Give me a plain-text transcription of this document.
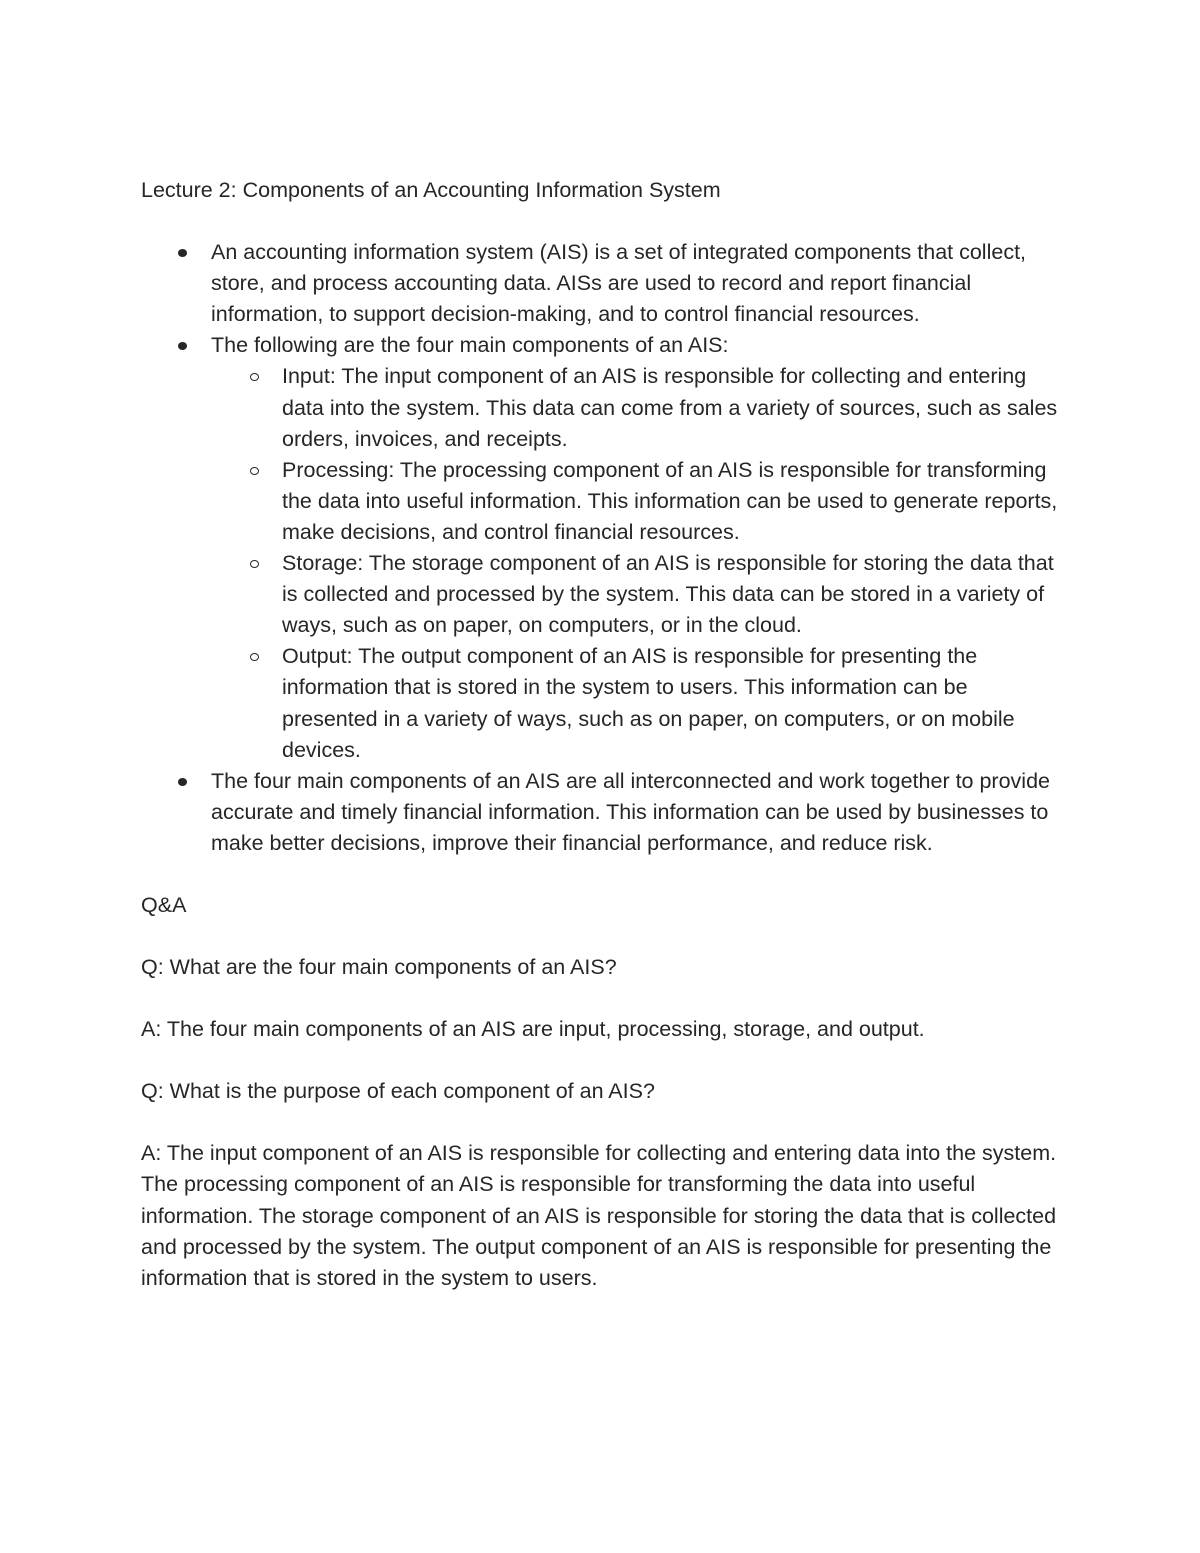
Lecture 2: Components of an Accounting Information System

An accounting information system (AIS) is a set of integrated components that collect, store, and process accounting data. AISs are used to record and report financial information, to support decision-making, and to control financial resources.
The following are the four main components of an AIS:
Input: The input component of an AIS is responsible for collecting and entering data into the system. This data can come from a variety of sources, such as sales orders, invoices, and receipts.
Processing: The processing component of an AIS is responsible for transforming the data into useful information. This information can be used to generate reports, make decisions, and control financial resources.
Storage: The storage component of an AIS is responsible for storing the data that is collected and processed by the system. This data can be stored in a variety of ways, such as on paper, on computers, or in the cloud.
Output: The output component of an AIS is responsible for presenting the information that is stored in the system to users. This information can be presented in a variety of ways, such as on paper, on computers, or on mobile devices.
The four main components of an AIS are all interconnected and work together to provide accurate and timely financial information. This information can be used by businesses to make better decisions, improve their financial performance, and reduce risk.

Q&A

Q: What are the four main components of an AIS?

A: The four main components of an AIS are input, processing, storage, and output.

Q: What is the purpose of each component of an AIS?

A: The input component of an AIS is responsible for collecting and entering data into the system. The processing component of an AIS is responsible for transforming the data into useful information. The storage component of an AIS is responsible for storing the data that is collected and processed by the system. The output component of an AIS is responsible for presenting the information that is stored in the system to users.
